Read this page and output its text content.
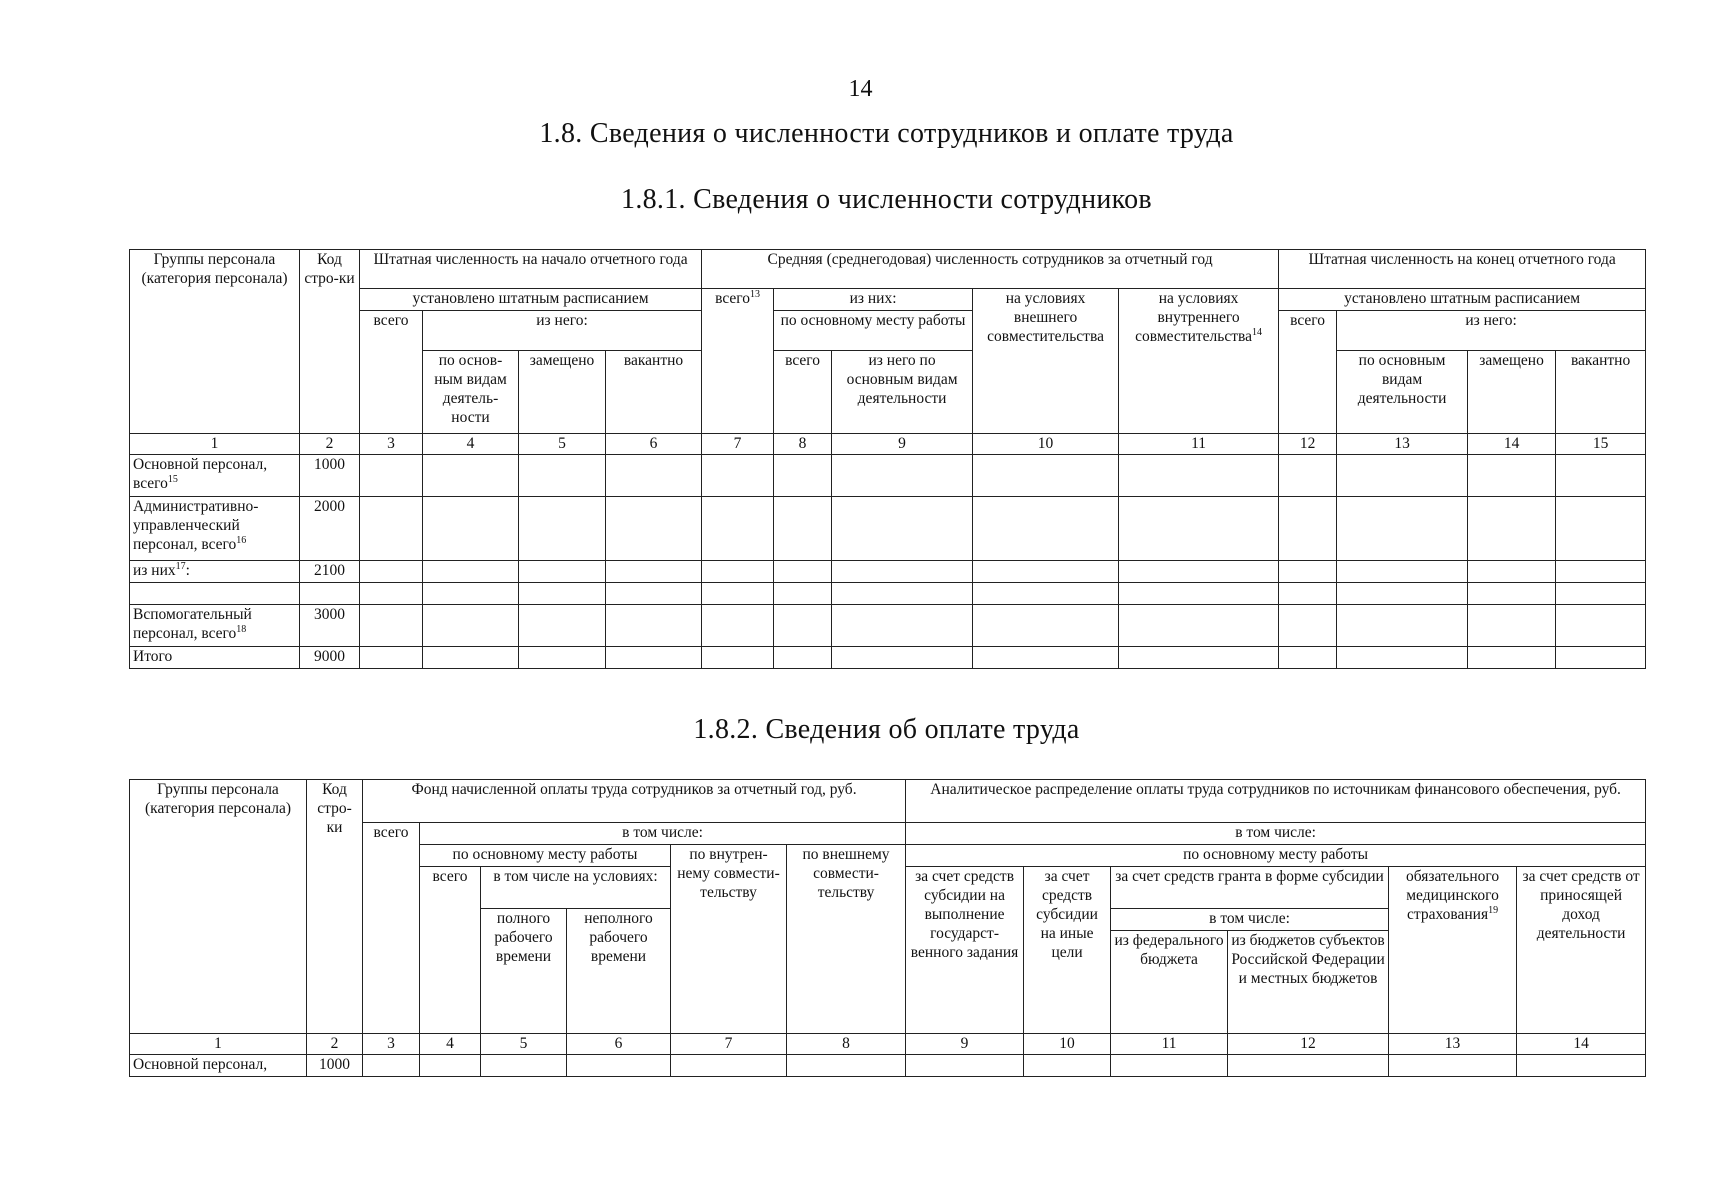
14
1.8. Сведения о численности сотрудников и оплате труда
1.8.1. Сведения о численности сотрудников
Группы персонала (категория персонала)	Код стро-ки	Штатная численность на начало отчетного года				Средняя (среднегодовая) численность сотрудников за отчетный год					Штатная численность на конец отчетного года			
		установлено штатным расписанием				всего$^{13}$	из них:		на условиях внешнего совместительства	на условиях внутреннего совместительства$^{14}$	установлено штатным расписанием			
		всего	из него:				по основному месту работы				всего	из него:		
			по основ-ным видам деятель-ности	замещено	вакантно		всего	из него по основным видам деятельности				по основным видам деятельности	замещено	вакантно
1	2	3	4	5	6	7	8	9	10	11	12	13	14	15
Основной персонал, всего$^{15}$	1000													
Административно-управленческий персонал, всего$^{16}$	2000													
из них$^{17}$:	2100													

Вспомогательный персонал, всего$^{18}$	3000													
Итого	9000													
1.8.2. Сведения об оплате труда
Группы персонала (категория персонала)	Код стро-ки	Фонд начисленной оплаты труда сотрудников за отчетный год, руб.						Аналитическое распределение оплаты труда сотрудников по источникам финансового обеспечения, руб.					
		всего	в том числе:					в том числе:					
			по основному месту работы			по внутрен-нему совмести-тельству	по внешнему совмести-тельству	по основному месту работы					
			всего	в том числе на условиях:				за счет средств субсидии на выполнение государст-венного задания	за счет средств субсидии на иные цели	за счет средств гранта в форме субсидии		обязательного медицинского страхования$^{19}$	за счет средств от приносящей доход деятельности
				полного рабочего времени	неполного рабочего времени					в том числе:			
										из федерального бюджета	из бюджетов субъектов Российской Федерации и местных бюджетов		
1	2	3	4	5	6	7	8	9	10	11	12	13	14
Основной персонал,	1000												
